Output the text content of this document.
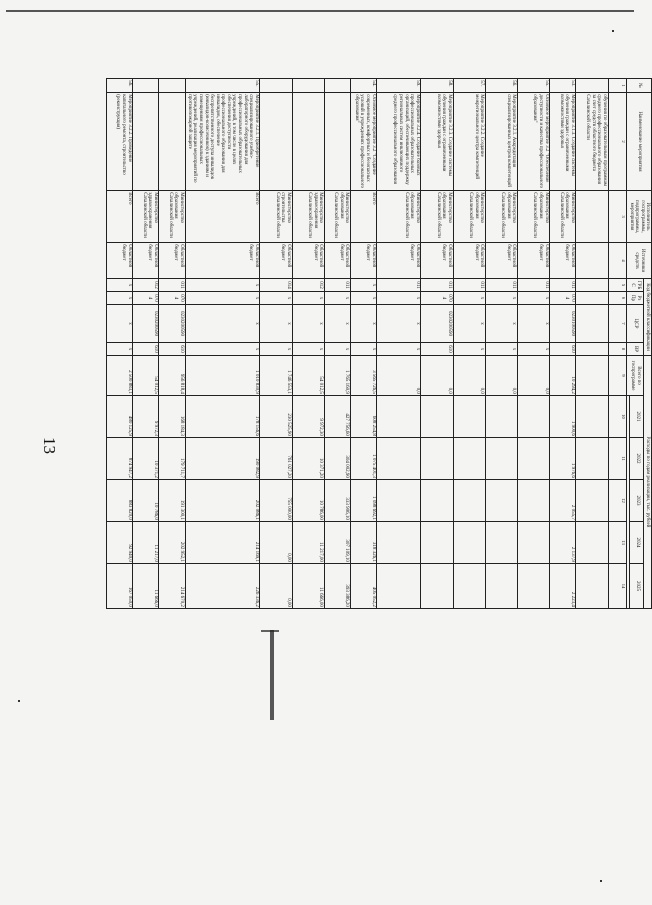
13
№	Наименование мероприятия	Исполнитель госпрограммы, подпрограммы, мероприятия	Источники средств	Код бюджетной классификации				Расходы по годам реализации, тыс. рублей					
				ГРБС	Рз Пр	ЦСР	ВР	Всего по госпрограмме	2021	2022	2023	2024	2025

1	2	3	4	5	6	7	8	9	10	11	12	13	14
	обучения по образовательным программам среднего профессионального образования за счет средств областного бюджета Сахалинской области												
53.	Мероприятие 3.1.3. Создание системы обучения граждан с ограниченными возможностями здоровья	Министерство образования Сахалинской области	Областной бюджет	011	0704	0230100590	610	10 294,2	1 900,6	1 976,6	2 055,7	2 137,9	2 223,4
55.	Основное мероприятие 3.2 "Обеспечение доступности и качества профессионального образования"	Министерство образования Сахалинской области	Областной бюджет	011	х	х	х	0,0					
56.	Мероприятие 3.2.1. Аккредитация специализированных центров компетенций	Министерство образования Сахалинской области	Областной бюджет	011	х	х	х	0,0					
57.	Мероприятие 3.2.2. Создание межрегионального центра компетенций	Министерство образования Сахалинской области	Областной бюджет	011	х	х	х	0,0					
58.	Мероприятие 3.2.3. Создание системы обучения граждан с ограниченными возможностями здоровья	Министерство образования Сахалинской области	Областной бюджет	011	0704	0230200590	610	0,0					
59.	Мероприятие 3.2.4. Создание базовых профессиональных образовательных организаций, обеспечивающих поддержку региональных систем инклюзивного среднего профессионального образования	Министерство образования Сахалинской области	Областной бюджет	011	х	х	х	0,0					
54.	Основное мероприятие 3.2 "Создание современных, комфортных и безопасных условий в учреждениях профессионального образования"	Всего	Областной бюджет	х	х	х	х	3 565 726,5	608 254,8	1 075 401,3	1 098 692,1	318 326,1	405 052,2
		Министерство образования Сахалинской области	Областной бюджет	011	х	х	х	1 765 160,9	427 756,60	304 002,90	333 906,10	307 109,10	393 386,20
		Министерство здравоохранения Сахалинской области	Областной бюджет	012	х	х	х	54 012,5	9 972,30	10 371,20	10 786,00	11 217,00	11 666,00
		Министерство строительства Сахалинской области	Областной бюджет	014	х	х	х	1 746 553,1	230 525,90	761 027,20	755 000,00	0,00	0,00
55.	Мероприятие 3.2.1. Приобретение специализированного учебно-лабораторного оборудования для профессиональных образовательных учреждений, в том числе в целях обеспечения доступности профессионального образования для инвалидов, обеспечение беспрепятственного доступа инвалидов (инвалидов-колясочников) к зданиям и помещениям профессиональных учреждений, реализация мероприятий по противопожарной защите	Всего	Областной бюджет	х	х	х	х	1 010 830,9	178 156,6	190 082,9	202 086,1	214 169,1	226 336,2
		Министерство образования Сахалинской области	Областной бюджет	011	0704	0230200590	610	956 818,4	168 184,3	179 711,7	191 300,1	202 952,1	214 670,2
		Министерство здравоохранения Сахалинской области	Областной бюджет	012	0704	0230200590	610	54 012,5	9 972,3	10 371,2	10 786,0	11 217,0	11 666,0
56.	Мероприятие 3.2.2. Проведение капитального ремонта, строительство (реконструкция)	Всего	Областной бюджет	х	х	х	х	2 500 883,1	480 125,9	874 947,2	883 820,0	92 940,0	167 050,0
